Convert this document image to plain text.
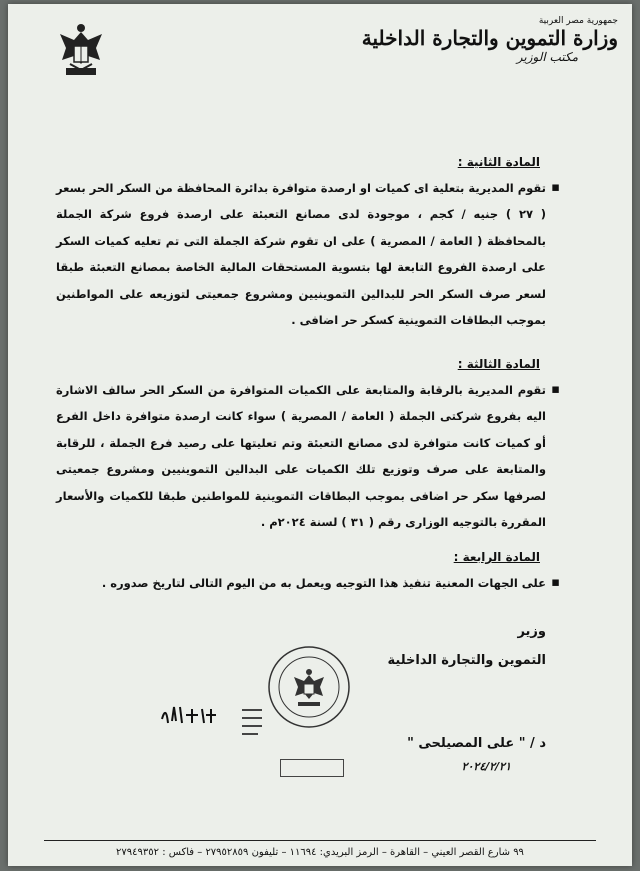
جمهورية مصر العربية
وزارة التموين والتجارة الداخلية
مكتب الوزير
المادة الثانية :
▪
تقوم المديرية بتعلية اى كميات او ارصدة متوافرة بدائرة المحافظة من السكر الحر بسعر ( ٢٧ ) جنيه / كجم ، موجودة لدى مصانع التعبئة على ارصدة فروع شركة الجملة بالمحافظة ( العامة / المصرية ) على ان تقوم شركة الجملة التى تم تعليه كميات السكر على ارصدة الفروع التابعة لها بتسوية المستحقات المالية الخاصة بمصانع التعبئة طبقا لسعر صرف السكر الحر للبدالين التموينيين ومشروع جمعيتى لتوزيعه على المواطنين بموجب البطاقات التموينية كسكر حر اضافى .
المادة الثالثة :
▪
تقوم المديرية بالرقابة والمتابعة على الكميات المتوافرة من السكر الحر سالف الاشارة اليه بفروع شركتى الجملة ( العامة / المصرية ) سواء كانت ارصدة متوافرة داخل الفرع أو كميات كانت متوافرة لدى مصانع التعبئة وتم تعليتها على رصيد فرع الجملة ، للرقابة والمتابعة على صرف وتوزيع تلك الكميات على البدالين التموينيين ومشروع جمعيتى لصرفها سكر حر اضافى بموجب البطاقات التموينية للمواطنين طبقا للكميات والأسعار المقررة بالتوجيه الوزارى رقم ( ٣١ ) لسنة ٢٠٢٤م .
المادة الرابعة :
▪
على الجهات المعنية تنفيذ هذا التوجيه ويعمل به من اليوم التالى لتاريخ صدوره .
وزير
التموين والتجارة الداخلية
د / " على المصيلحى "
٢٠٢٤/٢/٢١
٩٩ شارع القصر العيني – القاهرة – الرمز البريدي: ١١٦٩٤ – تليفون ٢٧٩٥٢٨٥٩ – فاكس : ٢٧٩٤٩٣٥٢
